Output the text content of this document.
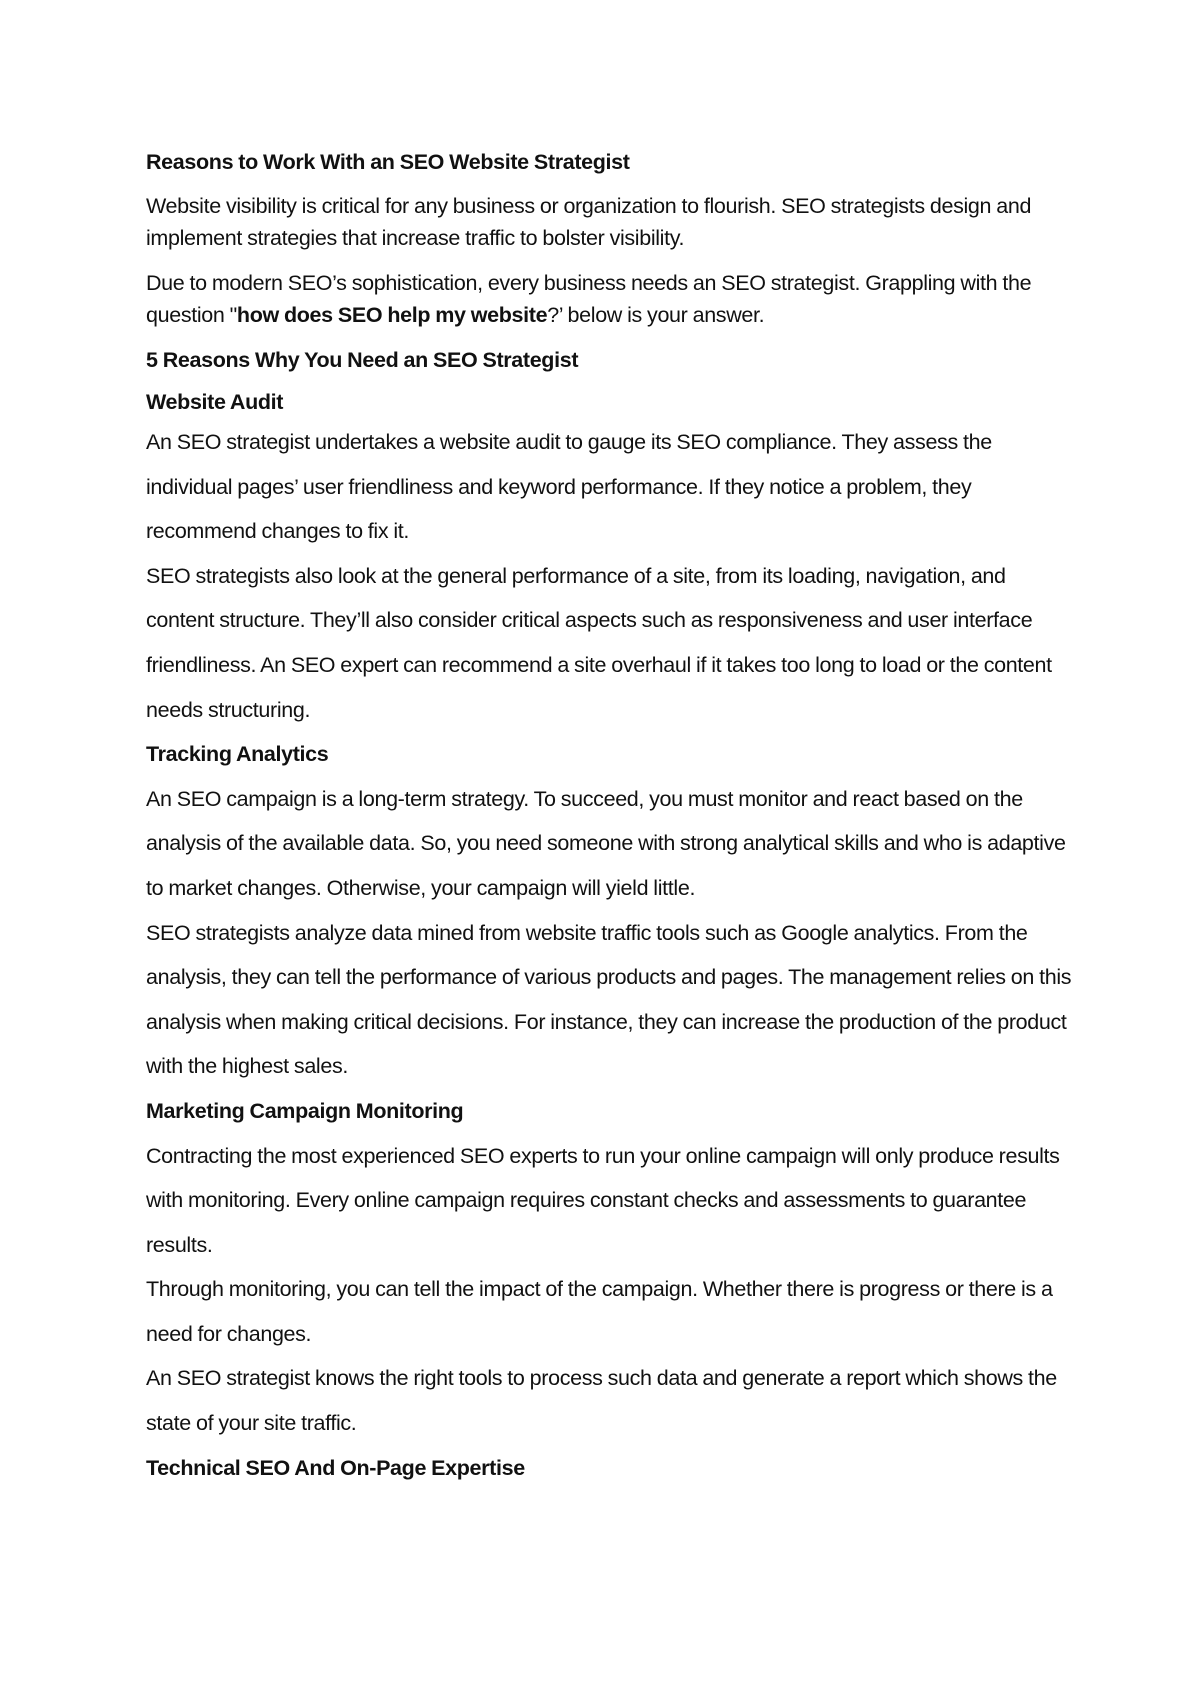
Reasons to Work With an SEO Website Strategist

Website visibility is critical for any business or organization to flourish. SEO strategists design and implement strategies that increase traffic to bolster visibility.

Due to modern SEO’s sophistication, every business needs an SEO strategist. Grappling with the question "how does SEO help my website?’ below is your answer.

5 Reasons Why You Need an SEO Strategist
Website Audit

An SEO strategist undertakes a website audit to gauge its SEO compliance. They assess the individual pages’ user friendliness and keyword performance. If they notice a problem, they recommend changes to fix it.

SEO strategists also look at the general performance of a site, from its loading, navigation, and content structure. They’ll also consider critical aspects such as responsiveness and user interface friendliness. An SEO expert can recommend a site overhaul if it takes too long to load or the content needs structuring.

Tracking Analytics

An SEO campaign is a long-term strategy. To succeed, you must monitor and react based on the analysis of the available data. So, you need someone with strong analytical skills and who is adaptive to market changes. Otherwise, your campaign will yield little.

SEO strategists analyze data mined from website traffic tools such as Google analytics. From the analysis, they can tell the performance of various products and pages. The management relies on this analysis when making critical decisions. For instance, they can increase the production of the product with the highest sales.

Marketing Campaign Monitoring

Contracting the most experienced SEO experts to run your online campaign will only produce results with monitoring. Every online campaign requires constant checks and assessments to guarantee results.

Through monitoring, you can tell the impact of the campaign. Whether there is progress or there is a need for changes.

An SEO strategist knows the right tools to process such data and generate a report which shows the state of your site traffic.

Technical SEO And On-Page Expertise
